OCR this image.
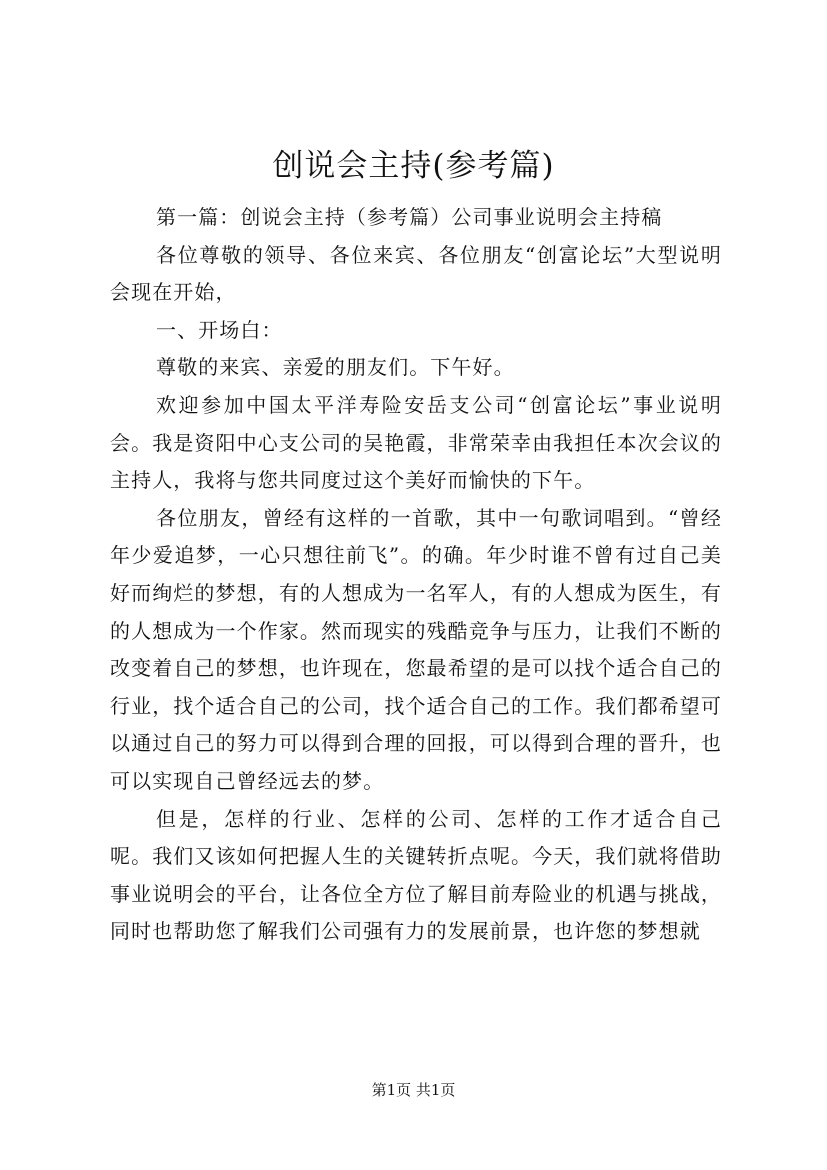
创说会主持(参考篇)

第一篇：创说会主持（参考篇）公司事业说明会主持稿

各位尊敬的领导、各位来宾、各位朋友“创富论坛”大型说明会现在开始，

一、开场白：

尊敬的来宾、亲爱的朋友们。下午好。

欢迎参加中国太平洋寿险安岳支公司“创富论坛”事业说明会。我是资阳中心支公司的吴艳霞，非常荣幸由我担任本次会议的主持人，我将与您共同度过这个美好而愉快的下午。

各位朋友，曾经有这样的一首歌，其中一句歌词唱到。“曾经年少爱追梦，一心只想往前飞”。的确。年少时谁不曾有过自己美好而绚烂的梦想，有的人想成为一名军人，有的人想成为医生，有的人想成为一个作家。然而现实的残酷竞争与压力，让我们不断的改变着自己的梦想，也许现在，您最希望的是可以找个适合自己的行业，找个适合自己的公司，找个适合自己的工作。我们都希望可以通过自己的努力可以得到合理的回报，可以得到合理的晋升，也可以实现自己曾经远去的梦。

但是，怎样的行业、怎样的公司、怎样的工作才适合自己呢。我们又该如何把握人生的关键转折点呢。今天，我们就将借助事业说明会的平台，让各位全方位了解目前寿险业的机遇与挑战，同时也帮助您了解我们公司强有力的发展前景，也许您的梦想就

第1页 共1页
